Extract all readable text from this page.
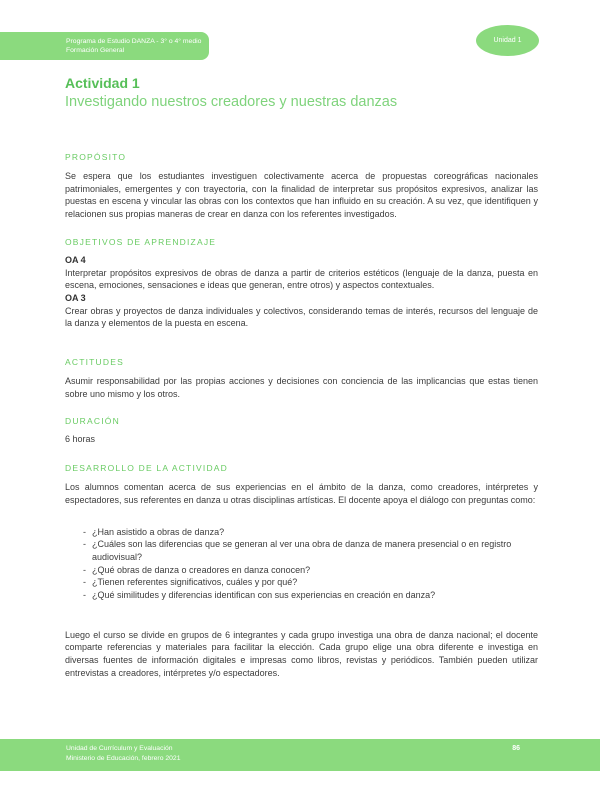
Programa de Estudio DANZA - 3° o 4° medio
Formación General
Unidad 1
Actividad 1
Investigando nuestros creadores y nuestras danzas
PROPÓSITO

Se espera que los estudiantes investiguen colectivamente acerca de propuestas coreográficas nacionales patrimoniales, emergentes y con trayectoria, con la finalidad de interpretar sus propósitos expresivos, analizar las puestas en escena y vincular las obras con los contextos que han influido en su creación. A su vez, que identifiquen y relacionen sus propias maneras de crear en danza con los referentes investigados.

OBJETIVOS DE APRENDIZAJE

OA 4

Interpretar propósitos expresivos de obras de danza a partir de criterios estéticos (lenguaje de la danza, puesta en escena, emociones, sensaciones e ideas que generan, entre otros) y aspectos contextuales.

OA 3

Crear obras y proyectos de danza individuales y colectivos, considerando temas de interés, recursos del lenguaje de la danza y elementos de la puesta en escena.

ACTITUDES

Asumir responsabilidad por las propias acciones y decisiones con conciencia de las implicancias que estas tienen sobre uno mismo y los otros.

DURACIÓN

6 horas

DESARROLLO DE LA ACTIVIDAD

Los alumnos comentan acerca de sus experiencias en el ámbito de la danza, como creadores, intérpretes y espectadores, sus referentes en danza u otras disciplinas artísticas. El docente apoya el diálogo con preguntas como:

- ¿Han asistido a obras de danza?
- ¿Cuáles son las diferencias que se generan al ver una obra de danza de manera presencial o en registro audiovisual?
- ¿Qué obras de danza o creadores en danza conocen?
- ¿Tienen referentes significativos, cuáles y por qué?
- ¿Qué similitudes y diferencias identifican con sus experiencias en creación en danza?

Luego el curso se divide en grupos de 6 integrantes y cada grupo investiga una obra de danza nacional; el docente comparte referencias y materiales para facilitar la elección. Cada grupo elige una obra diferente e investiga en diversas fuentes de información digitales e impresas como libros, revistas y periódicos. También pueden utilizar entrevistas a creadores, intérpretes y/o espectadores.

Unidad de Currículum y Evaluación
Ministerio de Educación, febrero 2021
86
